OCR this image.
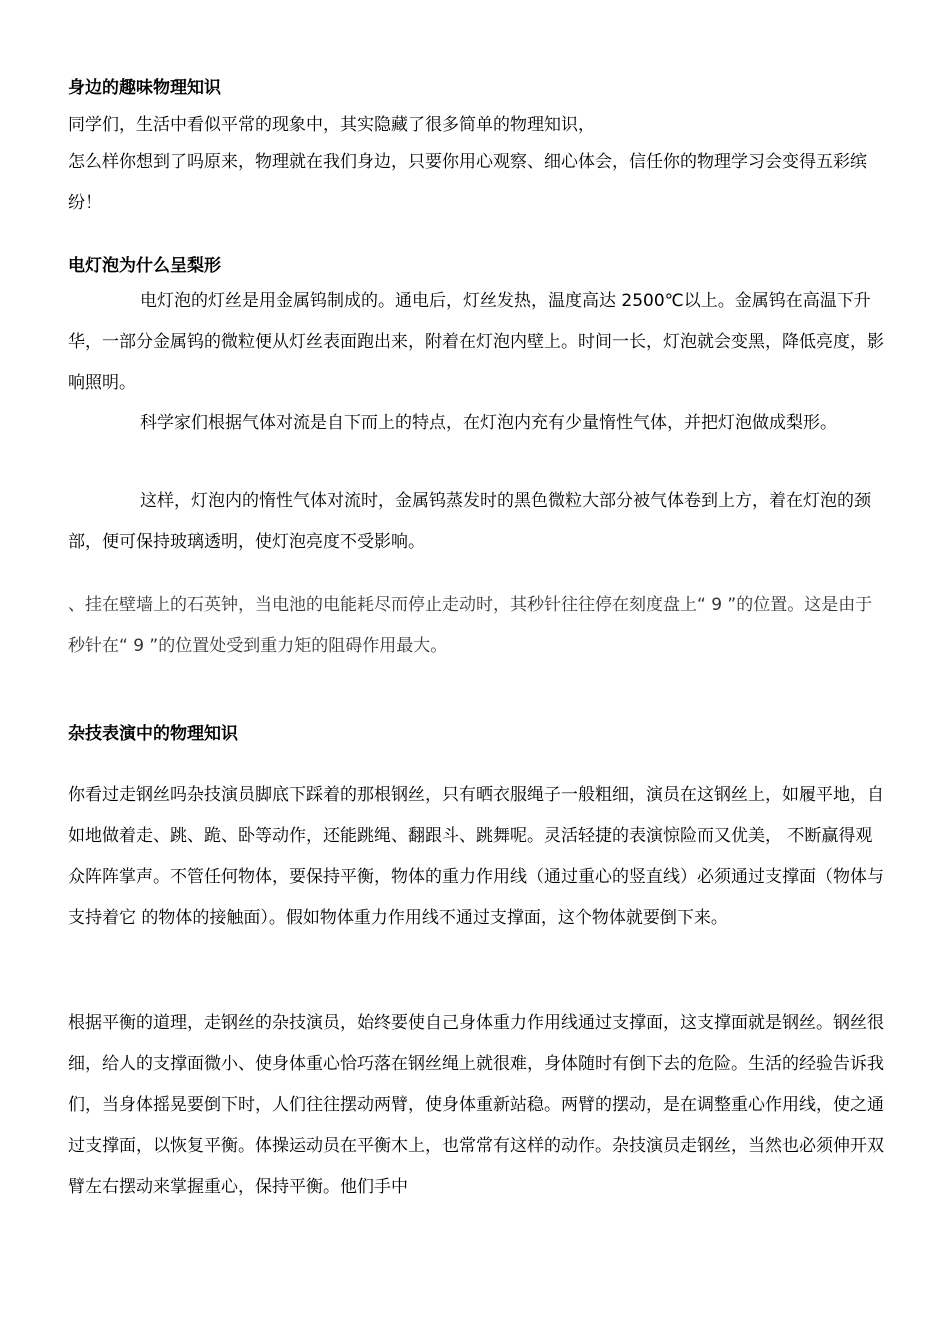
身边的趣味物理知识

同学们，生活中看似平常的现象中，其实隐藏了很多简单的物理知识，

怎么样你想到了吗原来，物理就在我们身边，只要你用心观察、细心体会，信任你的物理学习会变得五彩缤纷！

电灯泡为什么呈梨形

电灯泡的灯丝是用金属钨制成的。通电后，灯丝发热，温度高达 2500℃以上。金属钨在高温下升华，一部分金属钨的微粒便从灯丝表面跑出来，附着在灯泡内壁上。时间一长，灯泡就会变黑，降低亮度，影响照明。

科学家们根据气体对流是自下而上的特点，在灯泡内充有少量惰性气体，并把灯泡做成梨形。

这样，灯泡内的惰性气体对流时，金属钨蒸发时的黑色微粒大部分被气体卷到上方，着在灯泡的颈部，便可保持玻璃透明，使灯泡亮度不受影响。

、挂在壁墙上的石英钟，当电池的电能耗尽而停止走动时，其秒针往往停在刻度盘上“ 9 ”的位置。这是由于秒针在“ 9 ”的位置处受到重力矩的阻碍作用最大。

杂技表演中的物理知识

你看过走钢丝吗杂技演员脚底下踩着的那根钢丝，只有晒衣服绳子一般粗细，演员在这钢丝上，如履平地，自如地做着走、跳、跪、卧等动作，还能跳绳、翻跟斗、跳舞呢。灵活轻捷的表演惊险而又优美， 不断赢得观众阵阵掌声。不管任何物体，要保持平衡，物体的重力作用线（通过重心的竖直线）必须通过支撑面（物体与支持着它 的物体的接触面）。假如物体重力作用线不通过支撑面，这个物体就要倒下来。

根据平衡的道理，走钢丝的杂技演员，始终要使自己身体重力作用线通过支撑面，这支撑面就是钢丝。钢丝很细，给人的支撑面微小、使身体重心恰巧落在钢丝绳上就很难，身体随时有倒下去的危险。生活的经验告诉我们，当身体摇晃要倒下时，人们往往摆动两臂，使身体重新站稳。两臂的摆动，是在调整重心作用线，使之通过支撑面，以恢复平衡。体操运动员在平衡木上，也常常有这样的动作。杂技演员走钢丝，当然也必须伸开双臂左右摆动来掌握重心，保持平衡。他们手中
